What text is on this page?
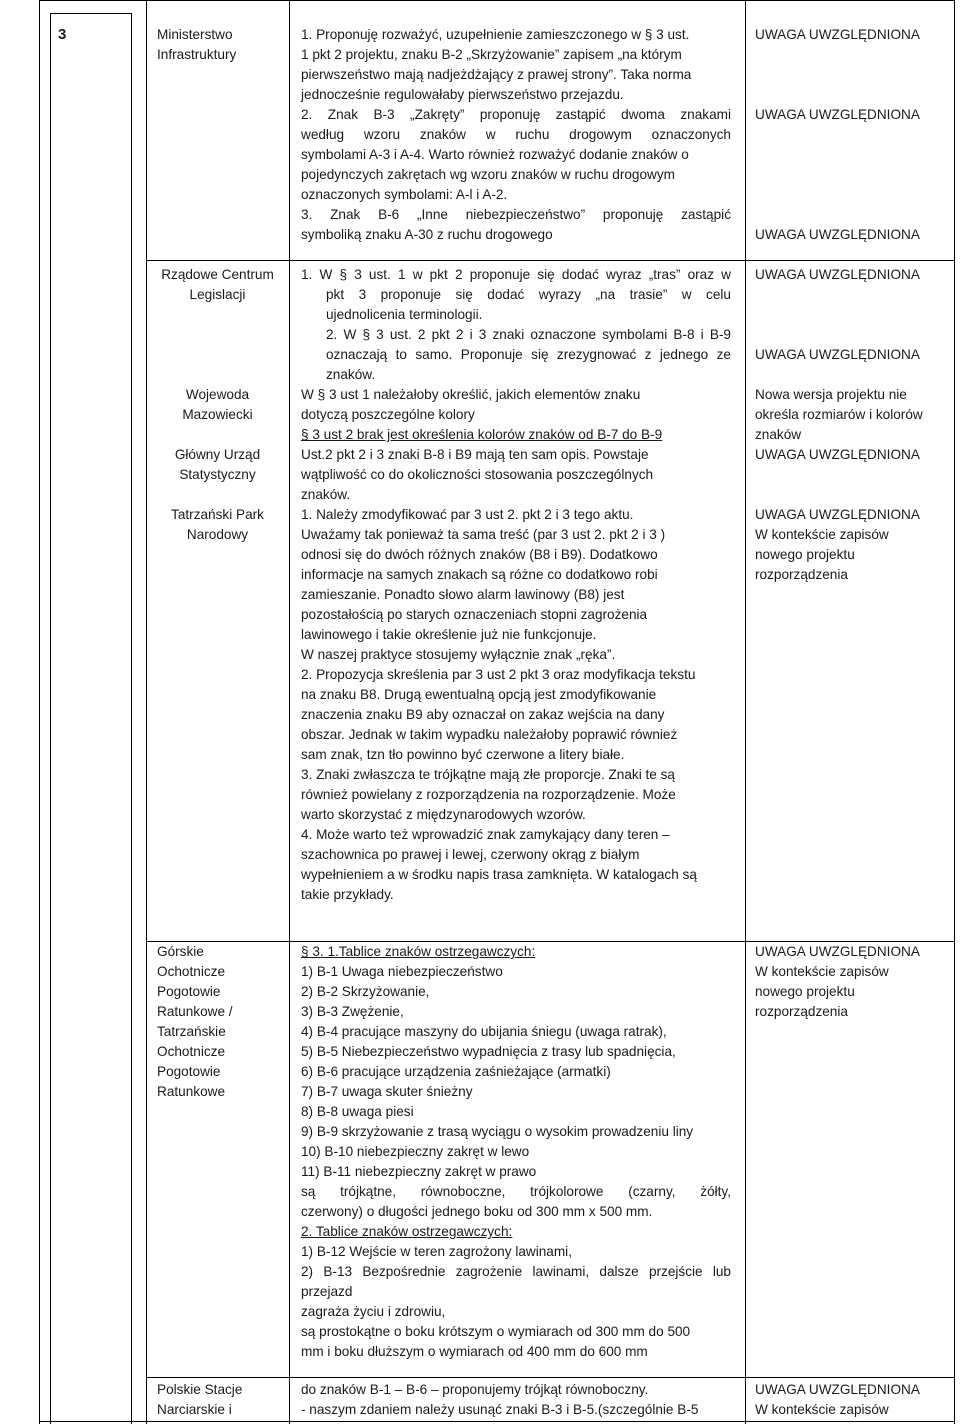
3	Ministerstwo
Infrastruktury
1. Proponuję rozważyć, uzupełnienie zamieszczonego w § 3 ust.
1 pkt 2 projektu, znaku B-2 „Skrzyżowanie” zapisem „na którym
pierwszeństwo mają nadjeżdżający z prawej strony”. Taka norma
jednocześnie regulowałaby pierwszeństwo przejazdu.
2. Znak B-3 „Zakręty” proponuję zastąpić dwoma znakami
według wzoru znaków w ruchu drogowym oznaczonych
symbolami A-3 i A-4. Warto również rozważyć dodanie znaków o
pojedynczych zakrętach wg wzoru znaków w ruchu drogowym
oznaczonych symbolami: A-l i A-2.
3. Znak B-6 „Inne niebezpieczeństwo” proponuję zastąpić
symboliką znaku A-30 z ruchu drogowego
UWAGA UWZGLĘDNIONA
UWAGA UWZGLĘDNIONA
UWAGA UWZGLĘDNIONA
Rządowe Centrum
Legislacji
Wojewoda
Mazowiecki
Główny Urząd
Statystyczny
Tatrzański Park
Narodowy
1. W § 3 ust. 1 w pkt 2 proponuje się dodać wyraz „tras” oraz w
pkt 3 proponuje się dodać wyrazy „na trasie” w celu
ujednolicenia terminologii.
2. W § 3 ust. 2 pkt 2 i 3 znaki oznaczone symbolami B-8 i B-9
oznaczają to samo. Proponuje się zrezygnować z jednego ze
znaków.
W § 3 ust 1 należałoby określić, jakich elementów znaku
dotyczą poszczególne kolory
§ 3 ust 2 brak jest określenia kolorów znaków od B-7 do B-9
Ust.2 pkt 2 i 3 znaki B-8 i B9 mają ten sam opis. Powstaje
wątpliwość co do okoliczności stosowania poszczególnych
znaków.
1. Należy zmodyfikować par 3 ust 2. pkt 2 i 3 tego aktu.
Uważamy tak ponieważ ta sama treść (par 3 ust 2. pkt 2 i 3 )
odnosi się do dwóch różnych znaków (B8 i B9). Dodatkowo
informacje na samych znakach są różne co dodatkowo robi
zamieszanie. Ponadto słowo alarm lawinowy (B8) jest
pozostałością po starych oznaczeniach stopni zagrożenia
lawinowego i takie określenie już nie funkcjonuje.
W naszej praktyce stosujemy wyłącznie znak „ręka”.
2. Propozycja skreślenia par 3 ust 2 pkt 3 oraz modyfikacja tekstu
na znaku B8. Drugą ewentualną opcją jest zmodyfikowanie
znaczenia znaku B9 aby oznaczał on zakaz wejścia na dany
obszar. Jednak w takim wypadku należałoby poprawić również
sam znak, tzn tło powinno być czerwone a litery białe.
3. Znaki zwłaszcza te trójkątne mają złe proporcje. Znaki te są
również powielany z rozporządzenia na rozporządzenie. Może
warto skorzystać z międzynarodowych wzorów.
4. Może warto też wprowadzić znak zamykający dany teren –
szachownica po prawej i lewej, czerwony okrąg z białym
wypełnieniem a w środku napis trasa zamknięta. W katalogach są
takie przykłady.
UWAGA UWZGLĘDNIONA
UWAGA UWZGLĘDNIONA
Nowa wersja projektu nie
określa rozmiarów i kolorów
znaków
UWAGA UWZGLĘDNIONA
UWAGA UWZGLĘDNIONA
W kontekście zapisów
nowego projektu
rozporządzenia
Górskie
Ochotnicze
Pogotowie
Ratunkowe /
Tatrzańskie
Ochotnicze
Pogotowie
Ratunkowe
§ 3. 1.Tablice znaków ostrzegawczych:
1) B-1 Uwaga niebezpieczeństwo
2) B-2 Skrzyżowanie,
3) B-3 Zwężenie,
4) B-4 pracujące maszyny do ubijania śniegu (uwaga ratrak),
5) B-5 Niebezpieczeństwo wypadnięcia z trasy lub spadnięcia,
6) B-6 pracujące urządzenia zaśnieżające (armatki)
7) B-7 uwaga skuter śnieżny
8) B-8 uwaga piesi
9) B-9 skrzyżowanie z trasą wyciągu o wysokim prowadzeniu liny
10) B-10 niebezpieczny zakręt w lewo
11) B-11 niebezpieczny zakręt w prawo
są trójkątne, równoboczne, trójkolorowe (czarny, żółty,
czerwony) o długości jednego boku od 300 mm x 500 mm.
2. Tablice znaków ostrzegawczych:
1) B-12 Wejście w teren zagrożony lawinami,
2) B-13 Bezpośrednie zagrożenie lawinami, dalsze przejście lub
przejazd
zagraża życiu i zdrowiu,
są prostokątne o boku krótszym o wymiarach od 300 mm do 500
mm i boku dłuższym o wymiarach od 400 mm do 600 mm
UWAGA UWZGLĘDNIONA
W kontekście zapisów
nowego projektu
rozporządzenia
Polskie Stacje
Narciarskie i
do znaków B-1 – B-6 – proponujemy trójkąt równoboczny.
- naszym zdaniem należy usunąć znaki B-3 i B-5.(szczególnie B-5
UWAGA UWZGLĘDNIONA
W kontekście zapisów
